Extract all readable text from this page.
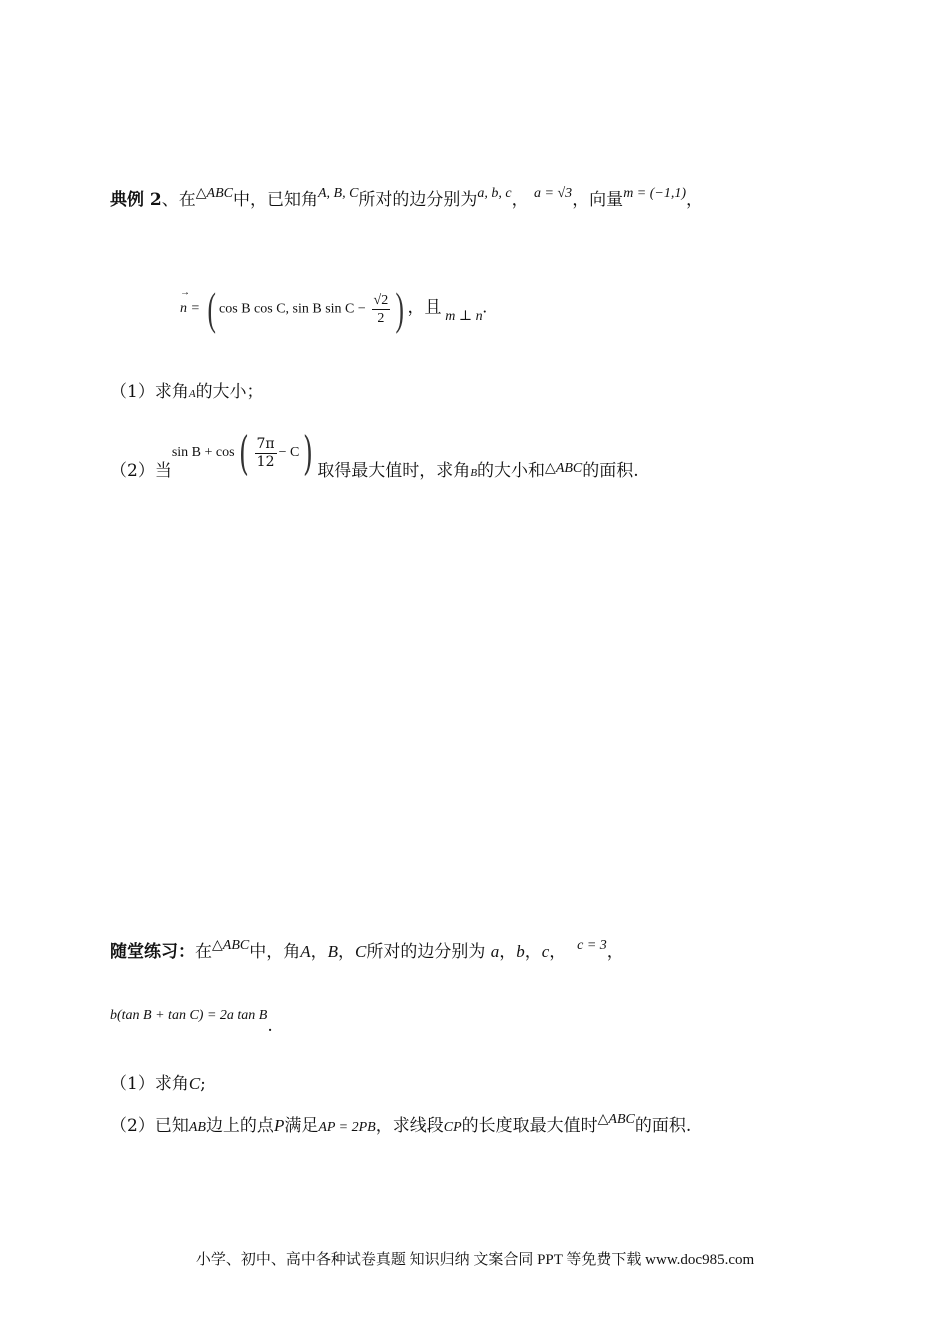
典例 2、在$^{\triangle ABC}$中，已知角$^{A, B, C}$所对的边分别为$^{a, b, c}$， $^{a = √3}$，向量$^{m = (-1,1)}$，
→ n = ( cos B cos C, sin B $\sin C - \frac{√2}{2}$ ) ，且 m ⊥ n.
（1）求角A的大小；
（2）当$\sin B + \cos( \frac{7\pi}{12} - C)$ 取得最大值时，求角$_B$的大小和$_{\triangle ABC}$的面积.
随堂练习：在$^{\triangle ABC}$中，角A，B，C所对的边分别为 a，b，c， $^{c = 3}$，
b(tan B + tan C) = 2a tan B.
（1）求角C;
（2）已知AB边上的点P满足AP = 2PB，求线段CP的长度取最大值时$^{\triangle ABC}$的面积.
小学、初中、高中各种试卷真题 知识归纳 文案合同 PPT 等免费下载 www.doc985.com
